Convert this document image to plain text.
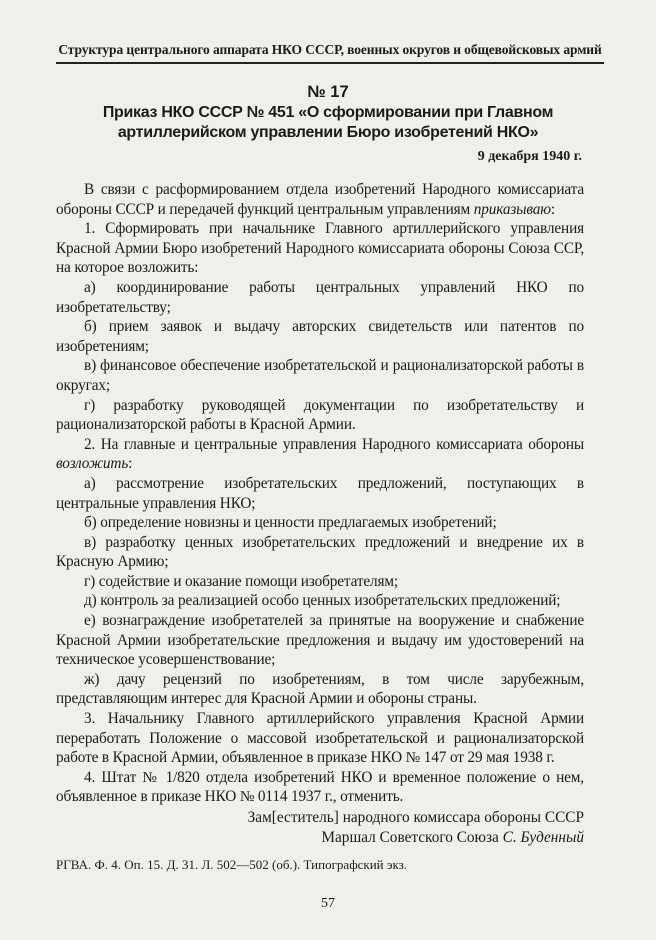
Структура центрального аппарата НКО СССР, военных округов и общевойсковых армий
№ 17
Приказ НКО СССР № 451 «О сформировании при Главном артиллерийском управлении Бюро изобретений НКО»
9 декабря 1940 г.

В связи с расформированием отдела изобретений Народного комиссариата обороны СССР и передачей функций центральным управлениям приказываю:

1. Сформировать при начальнике Главного артиллерийского управления Красной Армии Бюро изобретений Народного комиссариата обороны Союза ССР, на которое возложить:

а) координирование работы центральных управлений НКО по изобретательству;

б) прием заявок и выдачу авторских свидетельств или патентов по изобретениям;

в) финансовое обеспечение изобретательской и рационализаторской работы в округах;

г) разработку руководящей документации по изобретательству и рационализаторской работы в Красной Армии.

2. На главные и центральные управления Народного комиссариата обороны возложить:

а) рассмотрение изобретательских предложений, поступающих в центральные управления НКО;

б) определение новизны и ценности предлагаемых изобретений;

в) разработку ценных изобретательских предложений и внедрение их в Красную Армию;

г) содействие и оказание помощи изобретателям;

д) контроль за реализацией особо ценных изобретательских предложений;

е) вознаграждение изобретателей за принятые на вооружение и снабжение Красной Армии изобретательские предложения и выдачу им удостоверений на техническое усовершенствование;

ж) дачу рецензий по изобретениям, в том числе зарубежным, представляющим интерес для Красной Армии и обороны страны.

3. Начальнику Главного артиллерийского управления Красной Армии переработать Положение о массовой изобретательской и рационализаторской работе в Красной Армии, объявленное в приказе НКО № 147 от 29 мая 1938 г.

4. Штат № 1/820 отдела изобретений НКО и временное положение о нем, объявленное в приказе НКО № 0114 1937 г., отменить.

Зам[еститель] народного комиссара обороны СССР
Маршал Советского Союза С. Буденный
РГВА. Ф. 4. Оп. 15. Д. 31. Л. 502—502 (об.). Типографский экз.
57
